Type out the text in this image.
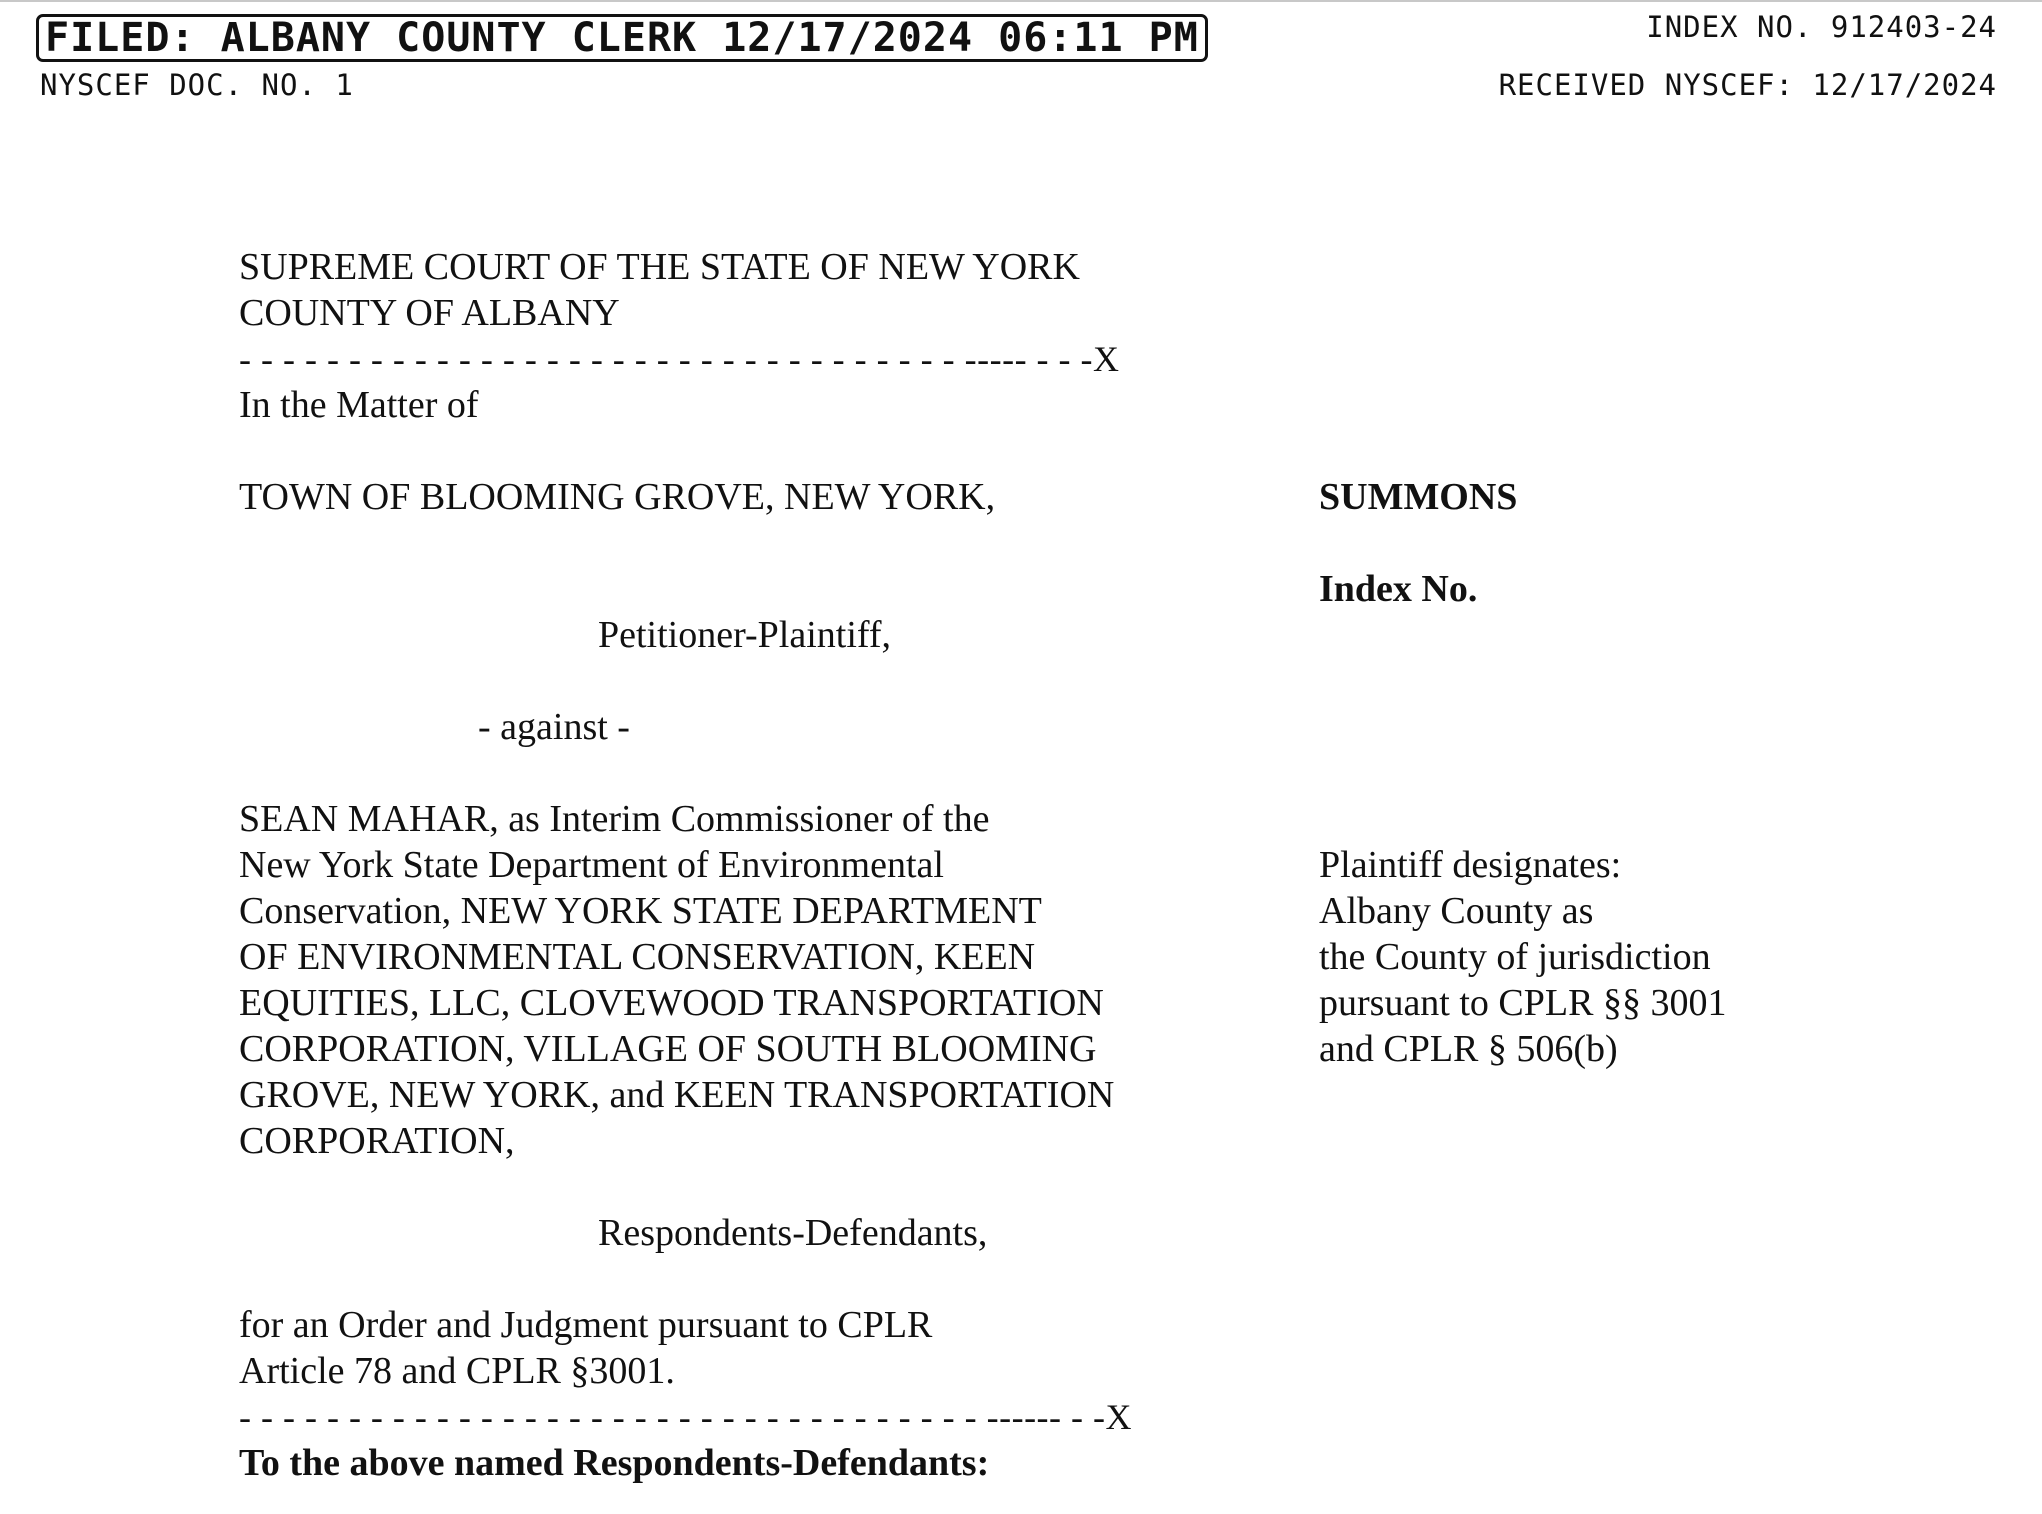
FILED: ALBANY COUNTY CLERK 12/17/2024 06:11 PM	INDEX NO. 912403-24
NYSCEF DOC. NO. 1	RECEIVED NYSCEF: 12/17/2024
SUPREME COURT OF THE STATE OF NEW YORK
COUNTY OF ALBANY
- - - - - - - - - - - - - - - - - - - - - - - - - - - - - - - - - ----- - - -X
In the Matter of
TOWN OF BLOOMING GROVE, NEW YORK,
Petitioner-Plaintiff,
- against -
SEAN MAHAR, as Interim Commissioner of the
New York State Department of Environmental
Conservation, NEW YORK STATE DEPARTMENT
OF ENVIRONMENTAL CONSERVATION, KEEN
EQUITIES, LLC, CLOVEWOOD TRANSPORTATION
CORPORATION, VILLAGE OF SOUTH BLOOMING
GROVE, NEW YORK, and KEEN TRANSPORTATION
CORPORATION,
Respondents-Defendants,
for an Order and Judgment pursuant to CPLR
Article 78 and CPLR §3001.
- - - - - - - - - - - - - - - - - - - - - - - - - - - - - - - - - - ------ - -X
To the above named Respondents-Defendants:
SUMMONS
Index No.
Plaintiff designates:
Albany County as
the County of jurisdiction
pursuant to CPLR §§ 3001
and CPLR § 506(b)
